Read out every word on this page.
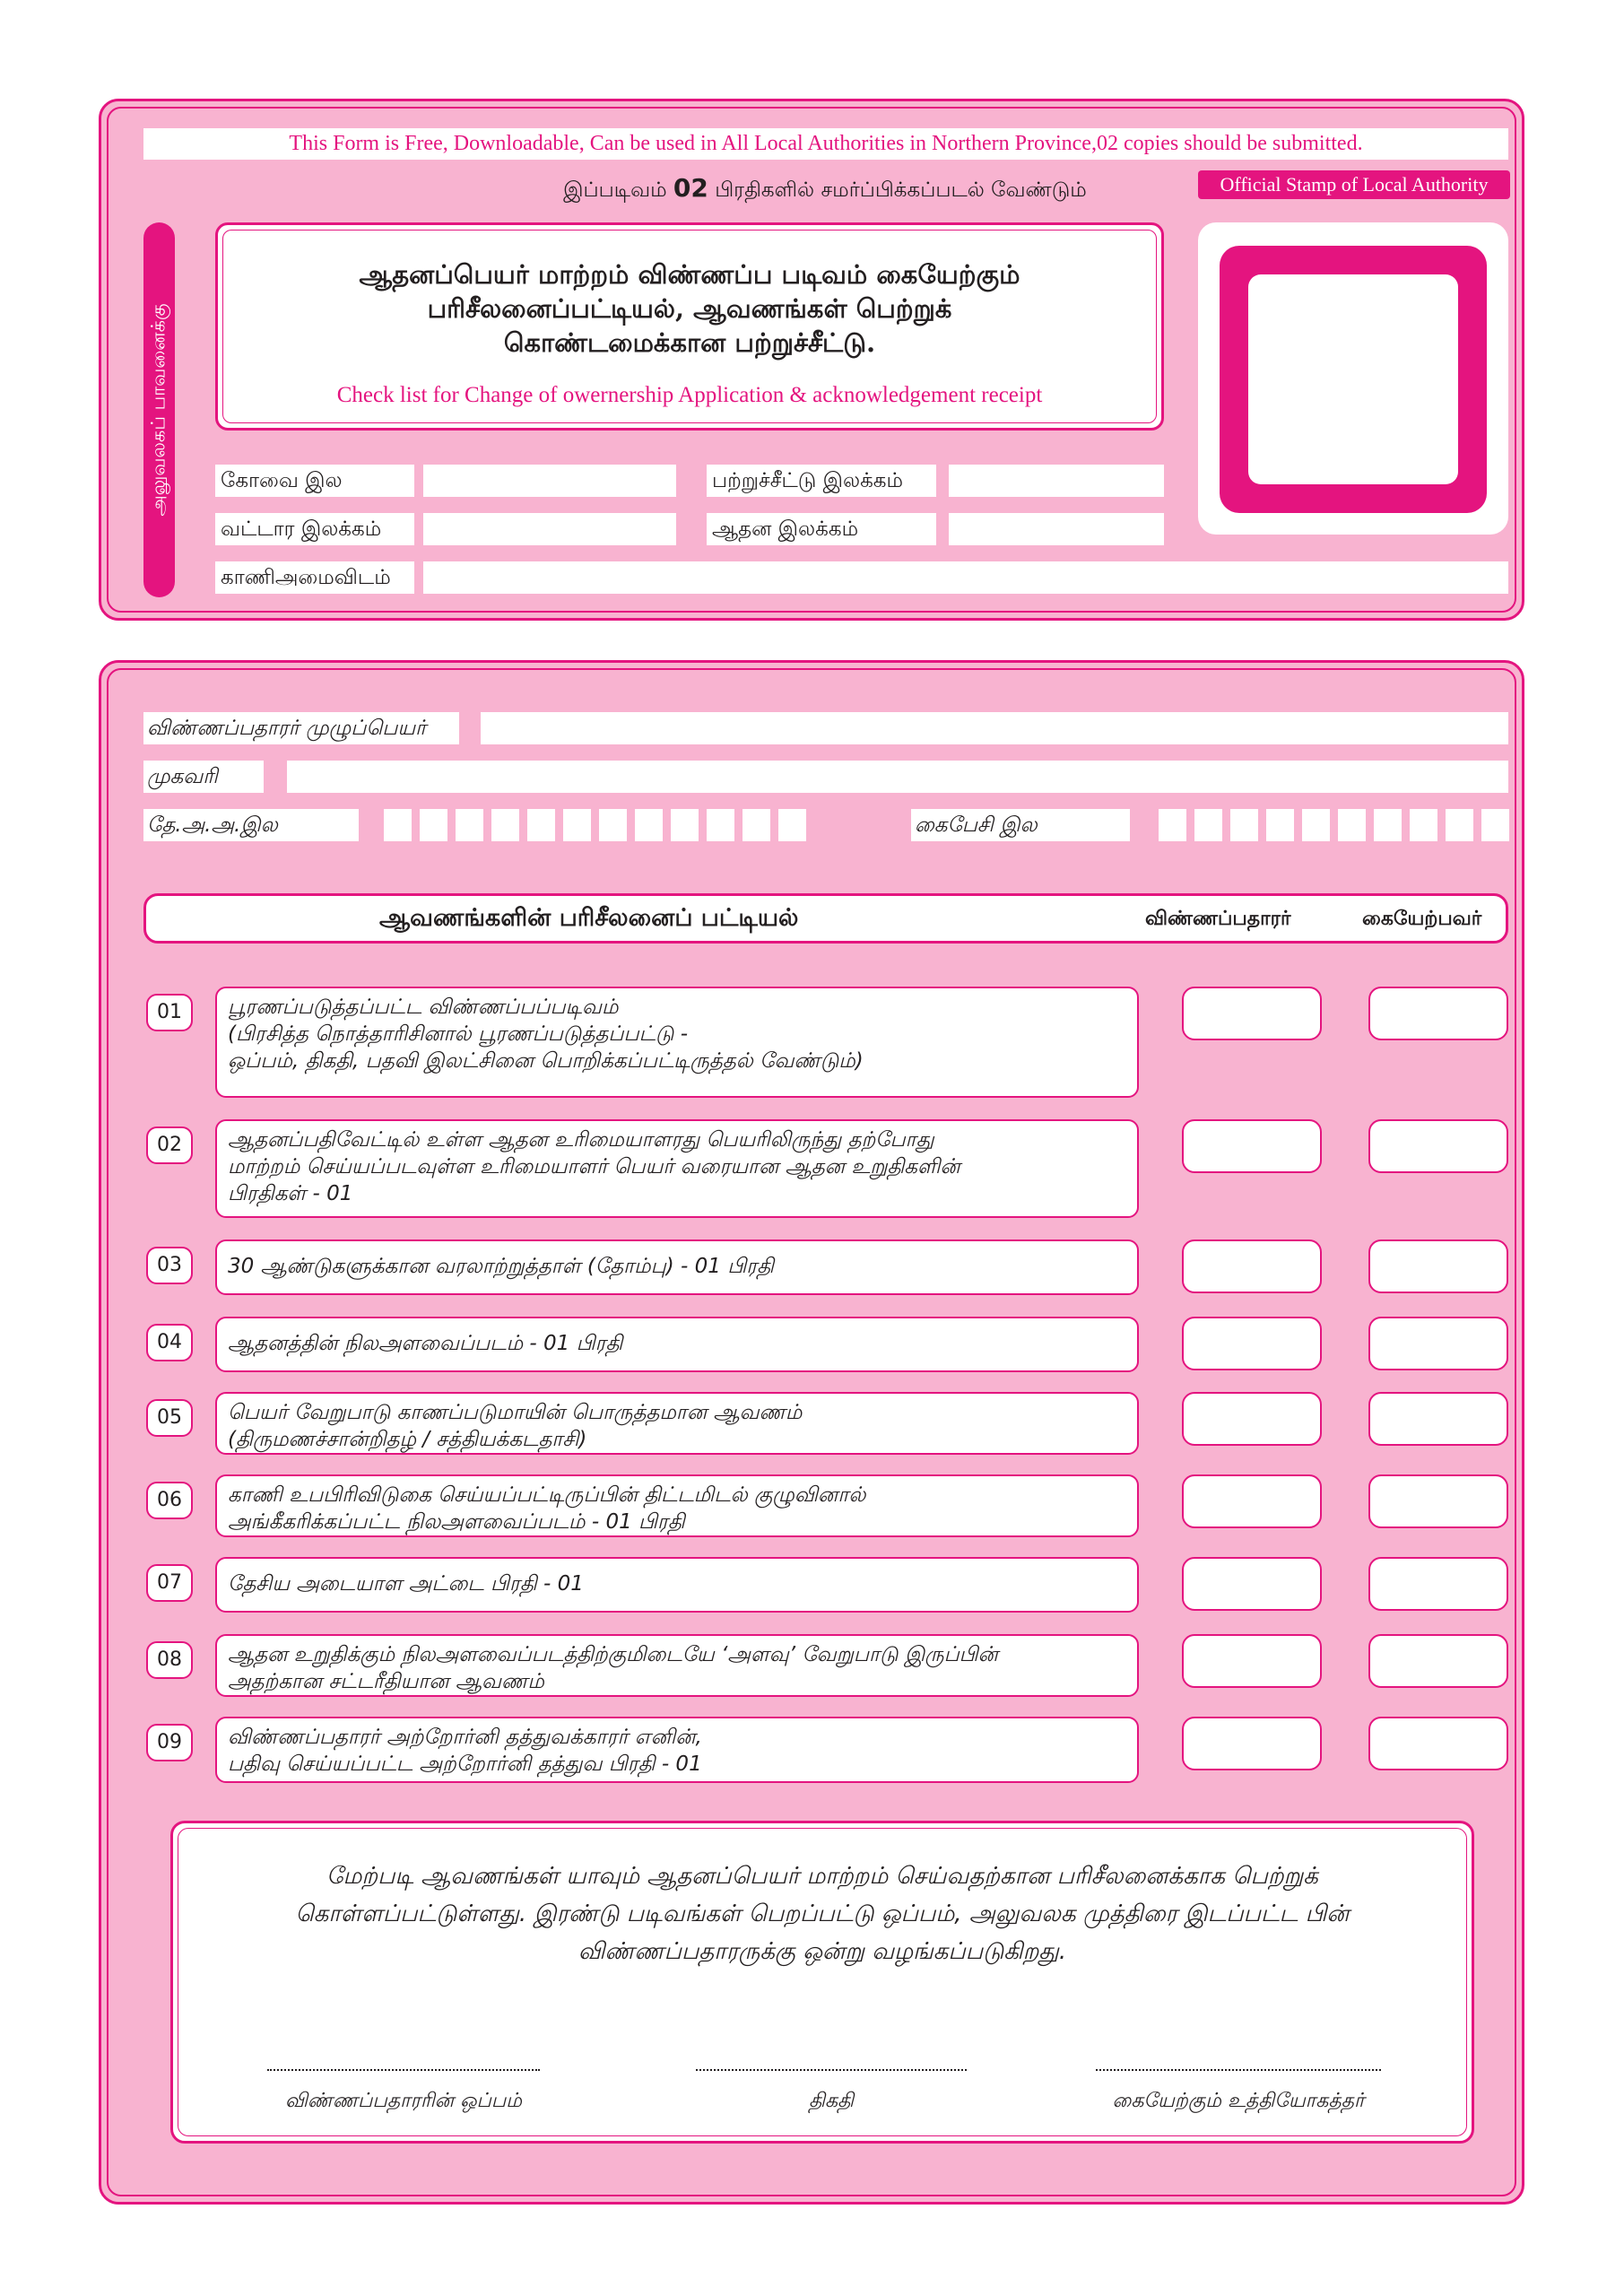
This Form is Free, Downloadable, Can be used in All Local Authorities in Northern Province,02 copies should be submitted.
இப்படிவம் 02 பிரதிகளில் சமர்ப்பிக்கப்படல் வேண்டும்	Official Stamp of Local Authority
அலுவலகப் பாவனைக்கு
ஆதனப்பெயர் மாற்றம் விண்ணப்ப படிவம் கையேற்கும்
பரிசீலனைப்பட்டியல், ஆவணங்கள் பெற்றுக்
கொண்டமைக்கான பற்றுச்சீட்டு.
Check list for Change of owernership Application & acknowledgement receipt
கோவை இல	பற்றுச்சீட்டு இலக்கம்
வட்டார இலக்கம்	ஆதன இலக்கம்
காணிஅமைவிடம்
விண்ணப்பதாரர் முழுப்பெயர்
முகவரி
தே.அ.அ.இல	கைபேசி இல
ஆவணங்களின் பரிசீலனைப் பட்டியல்	விண்ணப்பதாரர்	கையேற்பவர்
01	பூரணப்படுத்தப்பட்ட விண்ணப்பப்படிவம்
(பிரசித்த நொத்தாரிசினால் பூரணப்படுத்தப்பட்டு -
ஒப்பம், திகதி, பதவி இலட்சினை பொறிக்கப்பட்டிருத்தல் வேண்டும்)
02	ஆதனப்பதிவேட்டில் உள்ள ஆதன உரிமையாளரது பெயரிலிருந்து தற்போது
மாற்றம் செய்யப்படவுள்ள உரிமையாளர் பெயர் வரையான ஆதன உறுதிகளின்
பிரதிகள் - 01
03	30 ஆண்டுகளுக்கான வரலாற்றுத்தாள் (தோம்பு) - 01 பிரதி
04	ஆதனத்தின் நிலஅளவைப்படம் - 01 பிரதி
05	பெயர் வேறுபாடு காணப்படுமாயின் பொருத்தமான ஆவணம்
(திருமணச்சான்றிதழ் / சத்தியக்கடதாசி)
06	காணி உபபிரிவிடுகை செய்யப்பட்டிருப்பின் திட்டமிடல் குழுவினால்
அங்கீகரிக்கப்பட்ட நிலஅளவைப்படம் - 01 பிரதி
07	தேசிய அடையாள அட்டை பிரதி - 01
08	ஆதன உறுதிக்கும் நிலஅளவைப்படத்திற்குமிடையே ‘அளவு’ வேறுபாடு இருப்பின்
அதற்கான சட்டரீதியான ஆவணம்
09	விண்ணப்பதாரர் அற்றோர்னி தத்துவக்காரர் எனின்,
பதிவு செய்யப்பட்ட அற்றோர்னி தத்துவ பிரதி - 01
மேற்படி ஆவணங்கள் யாவும் ஆதனப்பெயர் மாற்றம் செய்வதற்கான பரிசீலனைக்காக பெற்றுக்
கொள்ளப்பட்டுள்ளது. இரண்டு படிவங்கள் பெறப்பட்டு ஒப்பம், அலுவலக முத்திரை இடப்பட்ட பின்
விண்ணப்பதாரருக்கு ஒன்று வழங்கப்படுகிறது.
விண்ணப்பதாரரின் ஒப்பம்	திகதி	கையேற்கும் உத்தியோகத்தர்
